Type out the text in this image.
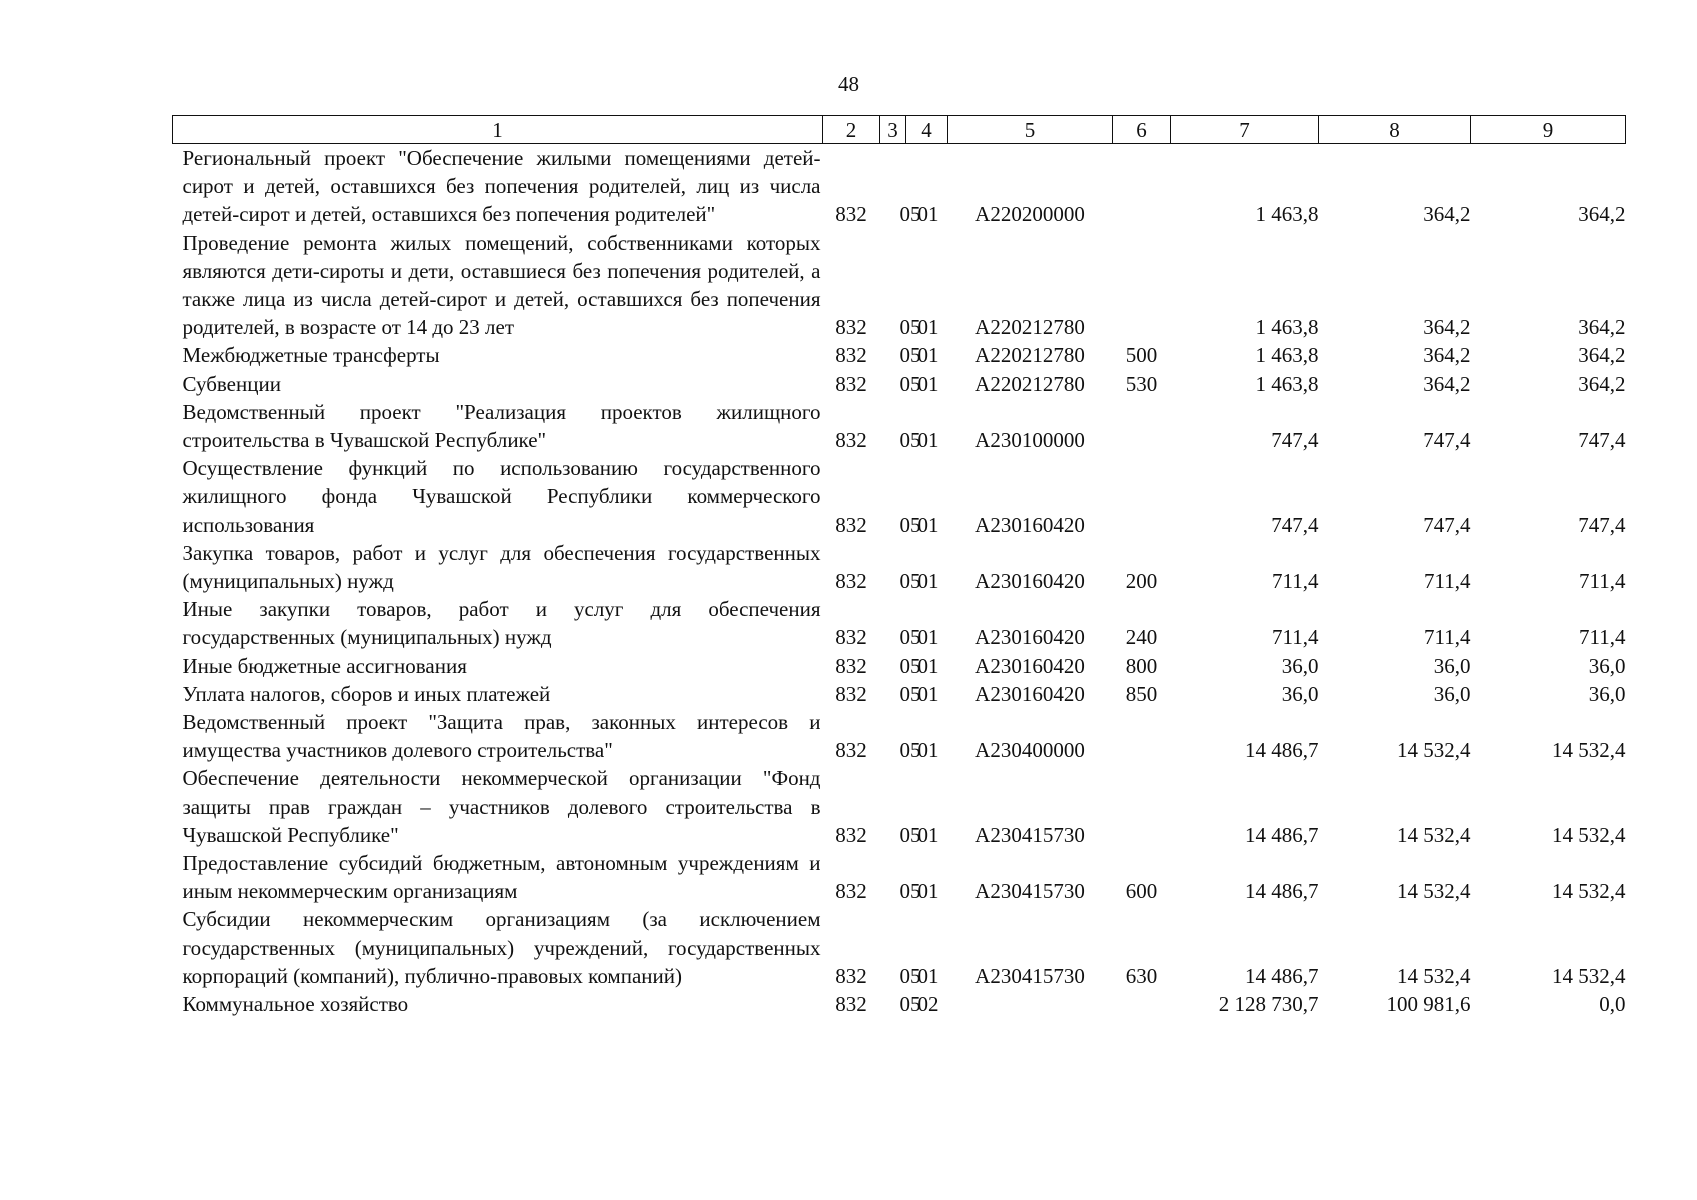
48
1	2	3	4	5	6	7	8	9
Региональный проект "Обеспечение жилыми помещениями детей-сирот и детей, оставшихся без попечения родителей, лиц из числа детей-сирот и детей, оставшихся без попечения родителей"	832	05	01	А220200000		1 463,8	364,2	364,2
Проведение ремонта жилых помещений, собственниками которых являются дети-сироты и дети, оставшиеся без попечения родителей, а также лица из числа детей-сирот и детей, оставшихся без попечения родителей, в возрасте от 14 до 23 лет	832	05	01	А220212780		1 463,8	364,2	364,2
Межбюджетные трансферты	832	05	01	А220212780	500	1 463,8	364,2	364,2
Субвенции	832	05	01	А220212780	530	1 463,8	364,2	364,2
Ведомственный проект "Реализация проектов жилищного строительства в Чувашской Республике"	832	05	01	А230100000		747,4	747,4	747,4
Осуществление функций по использованию государственного жилищного фонда Чувашской Республики коммерческого использования	832	05	01	А230160420		747,4	747,4	747,4
Закупка товаров, работ и услуг для обеспечения государственных (муниципальных) нужд	832	05	01	А230160420	200	711,4	711,4	711,4
Иные закупки товаров, работ и услуг для обеспечения государственных (муниципальных) нужд	832	05	01	А230160420	240	711,4	711,4	711,4
Иные бюджетные ассигнования	832	05	01	А230160420	800	36,0	36,0	36,0
Уплата налогов, сборов и иных платежей	832	05	01	А230160420	850	36,0	36,0	36,0
Ведомственный проект "Защита прав, законных интересов и имущества участников долевого строительства"	832	05	01	А230400000		14 486,7	14 532,4	14 532,4
Обеспечение деятельности некоммерческой организации "Фонд защиты прав граждан – участников долевого строительства в Чувашской Республике"	832	05	01	А230415730		14 486,7	14 532,4	14 532,4
Предоставление субсидий бюджетным, автономным учреждениям и иным некоммерческим организациям	832	05	01	А230415730	600	14 486,7	14 532,4	14 532,4
Субсидии некоммерческим организациям (за исключением государственных (муниципальных) учреждений, государственных корпораций (компаний), публично-правовых компаний)	832	05	01	А230415730	630	14 486,7	14 532,4	14 532,4
Коммунальное хозяйство	832	05	02			2 128 730,7	100 981,6	0,0
